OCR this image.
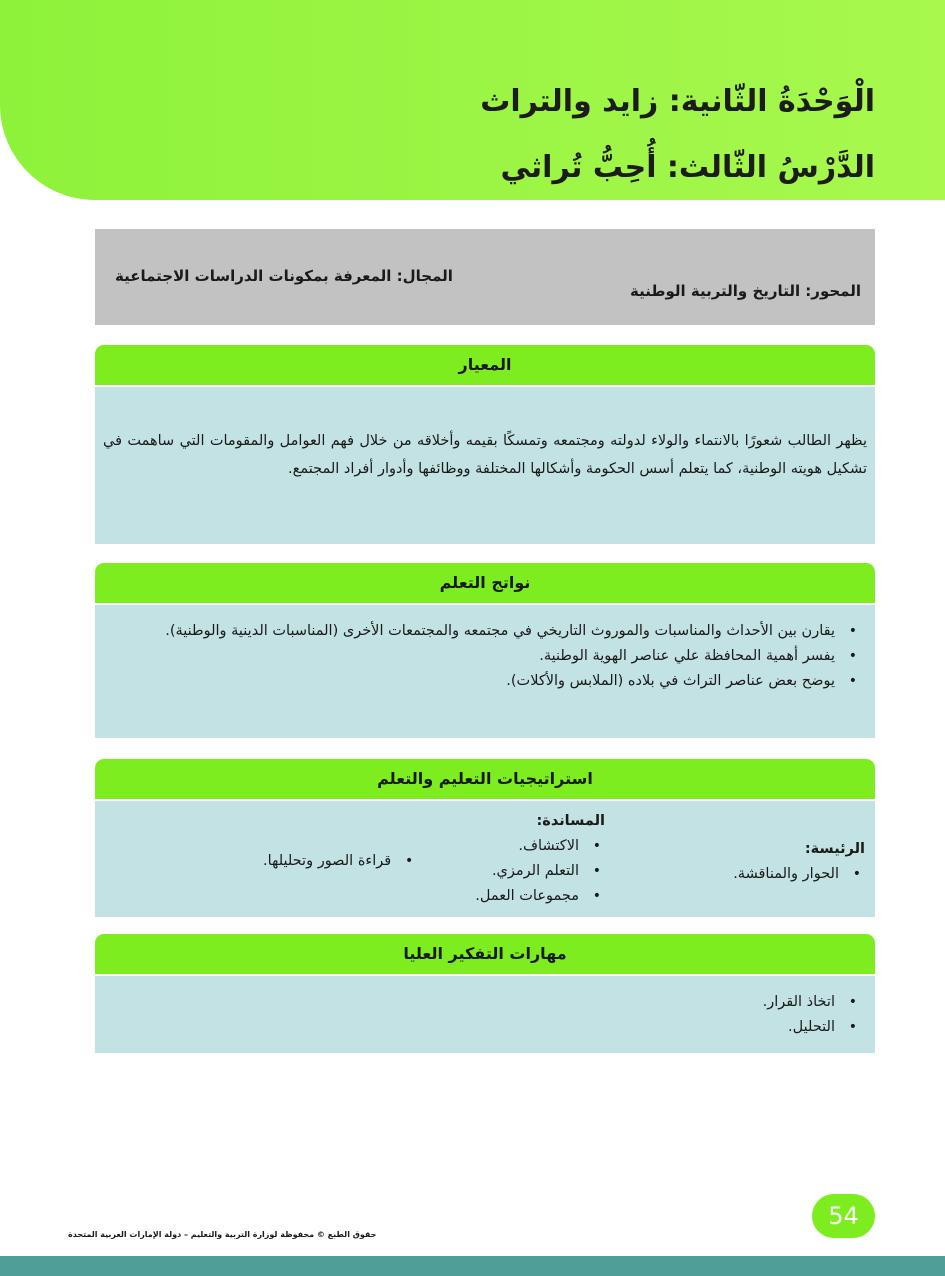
الْوَحْدَةُ الثّانية: زايد والتراث
الدَّرْسُ الثّالث: أُحِبُّ تُراثي
المحور: التاريخ والتربية الوطنية
المجال: المعرفة بمكونات الدراسات الاجتماعية
المعيار
يظهر الطالب شعورًا بالانتماء والولاء لدولته ومجتمعه وتمسكًا بقيمه وأخلاقه من خلال فهم العوامل والمقومات التي ساهمت في تشكيل هويته الوطنية، كما يتعلم أسس الحكومة وأشكالها المختلفة ووظائفها وأدوار أفراد المجتمع.
نواتج التعلم
• يقارن بين الأحداث والمناسبات والموروث التاريخي في مجتمعه والمجتمعات الأخرى (المناسبات الدينية والوطنية).
• يفسر أهمية المحافظة علي عناصر الهوية الوطنية.
• يوضح بعض عناصر التراث في بلاده (الملابس والأكلات).
استراتيجيات التعليم والتعلم
الرئيسة:
• الحوار والمناقشة.
المساندة:
• الاكتشاف.
• التعلم الرمزي.
• مجموعات العمل.
• قراءة الصور وتحليلها.
مهارات التفكير العليا
• اتخاذ القرار.
• التحليل.
54
حقوق الطبع © محفوظة لوزارة التربية والتعليم – دولة الإمارات العربية المتحدة
